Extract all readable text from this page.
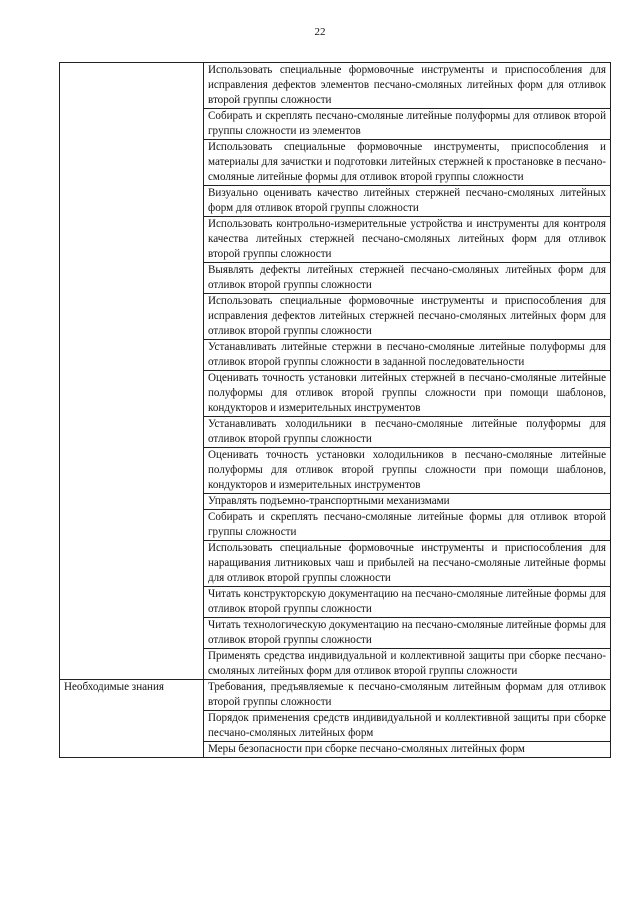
22
	Использовать специальные формовочные инструменты и приспособления для исправления дефектов элементов песчано-смоляных литейных форм для отливок второй группы сложности
	Собирать и скреплять песчано-смоляные литейные полуформы для отливок второй группы сложности из элементов
	Использовать специальные формовочные инструменты, приспособления и материалы для зачистки и подготовки литейных стержней к простановке в песчано-смоляные литейные формы для отливок второй группы сложности
	Визуально оценивать качество литейных стержней песчано-смоляных литейных форм для отливок второй группы сложности
	Использовать контрольно-измерительные устройства и инструменты для контроля качества литейных стержней песчано-смоляных литейных форм для отливок второй группы сложности
	Выявлять дефекты литейных стержней песчано-смоляных литейных форм для отливок второй группы сложности
	Использовать специальные формовочные инструменты и приспособления для исправления дефектов литейных стержней песчано-смоляных литейных форм для отливок второй группы сложности
	Устанавливать литейные стержни в песчано-смоляные литейные полуформы для отливок второй группы сложности в заданной последовательности
	Оценивать точность установки литейных стержней в песчано-смоляные литейные полуформы для отливок второй группы сложности при помощи шаблонов, кондукторов и измерительных инструментов
	Устанавливать холодильники в песчано-смоляные литейные полуформы для отливок второй группы сложности
	Оценивать точность установки холодильников в песчано-смоляные литейные полуформы для отливок второй группы сложности при помощи шаблонов, кондукторов и измерительных инструментов
	Управлять подъемно-транспортными механизмами
	Собирать и скреплять песчано-смоляные литейные формы для отливок второй группы сложности
	Использовать специальные формовочные инструменты и приспособления для наращивания литниковых чаш и прибылей на песчано-смоляные литейные формы для отливок второй группы сложности
	Читать конструкторскую документацию на песчано-смоляные литейные формы для отливок второй группы сложности
	Читать технологическую документацию на песчано-смоляные литейные формы для отливок второй группы сложности
	Применять средства индивидуальной и коллективной защиты при сборке песчано-смоляных литейных форм для отливок второй группы сложности
Необходимые знания	Требования, предъявляемые к песчано-смоляным литейным формам для отливок второй группы сложности
	Порядок применения средств индивидуальной и коллективной защиты при сборке песчано-смоляных литейных форм
	Меры безопасности при сборке песчано-смоляных литейных форм
